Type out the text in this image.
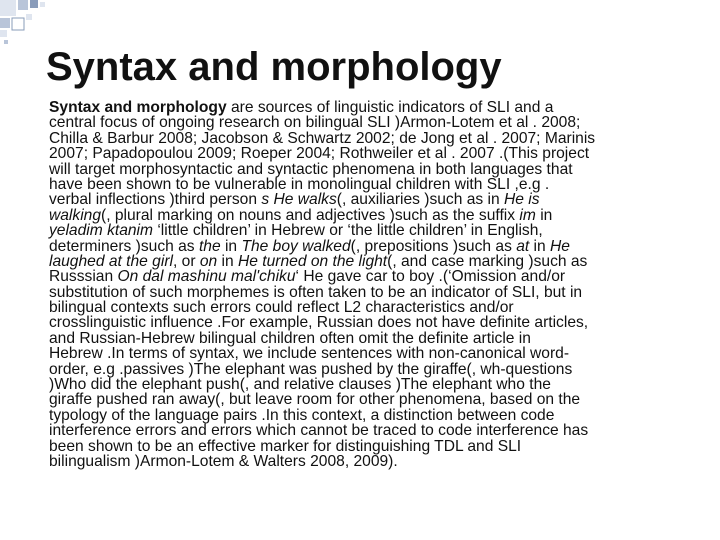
Syntax and morphology
Syntax and morphology are sources of linguistic indicators of SLI and a
central focus of ongoing research on bilingual SLI )Armon-Lotem et al . 2008;
Chilla & Barbur 2008; Jacobson & Schwartz 2002; de Jong et al . 2007; Marinis
2007; Papadopoulou 2009; Roeper 2004; Rothweiler et al . 2007 .(This project
will target morphosyntactic and syntactic phenomena in both languages that
have been shown to be vulnerable in monolingual children with SLI ,e.g .
verbal inflections )third person s He walks(, auxiliaries )such as in He is
walking(, plural marking on nouns and adjectives )such as the suffix im in
yeladim ktanim ‘little children’ in Hebrew or ‘the little children’ in English,
determiners )such as the in The boy walked(, prepositions )such as at in He
laughed at the girl, or on in He turned on the light(, and case marking )such as
Russsian On dal mashinu mal'chiku‘ He gave car to boy .(‘Omission and/or
substitution of such morphemes is often taken to be an indicator of SLI, but in
bilingual contexts such errors could reflect L2 characteristics and/or
crosslinguistic influence .For example, Russian does not have definite articles,
and Russian-Hebrew bilingual children often omit the definite article in
Hebrew .In terms of syntax, we include sentences with non-canonical word-
order, e.g .passives )The elephant was pushed by the giraffe(, wh-questions
)Who did the elephant push(, and relative clauses )The elephant who the
giraffe pushed ran away(, but leave room for other phenomena, based on the
typology of the language pairs .In this context, a distinction between code
interference errors and errors which cannot be traced to code interference has
been shown to be an effective marker for distinguishing TDL and SLI
bilingualism )Armon-Lotem & Walters 2008, 2009).
